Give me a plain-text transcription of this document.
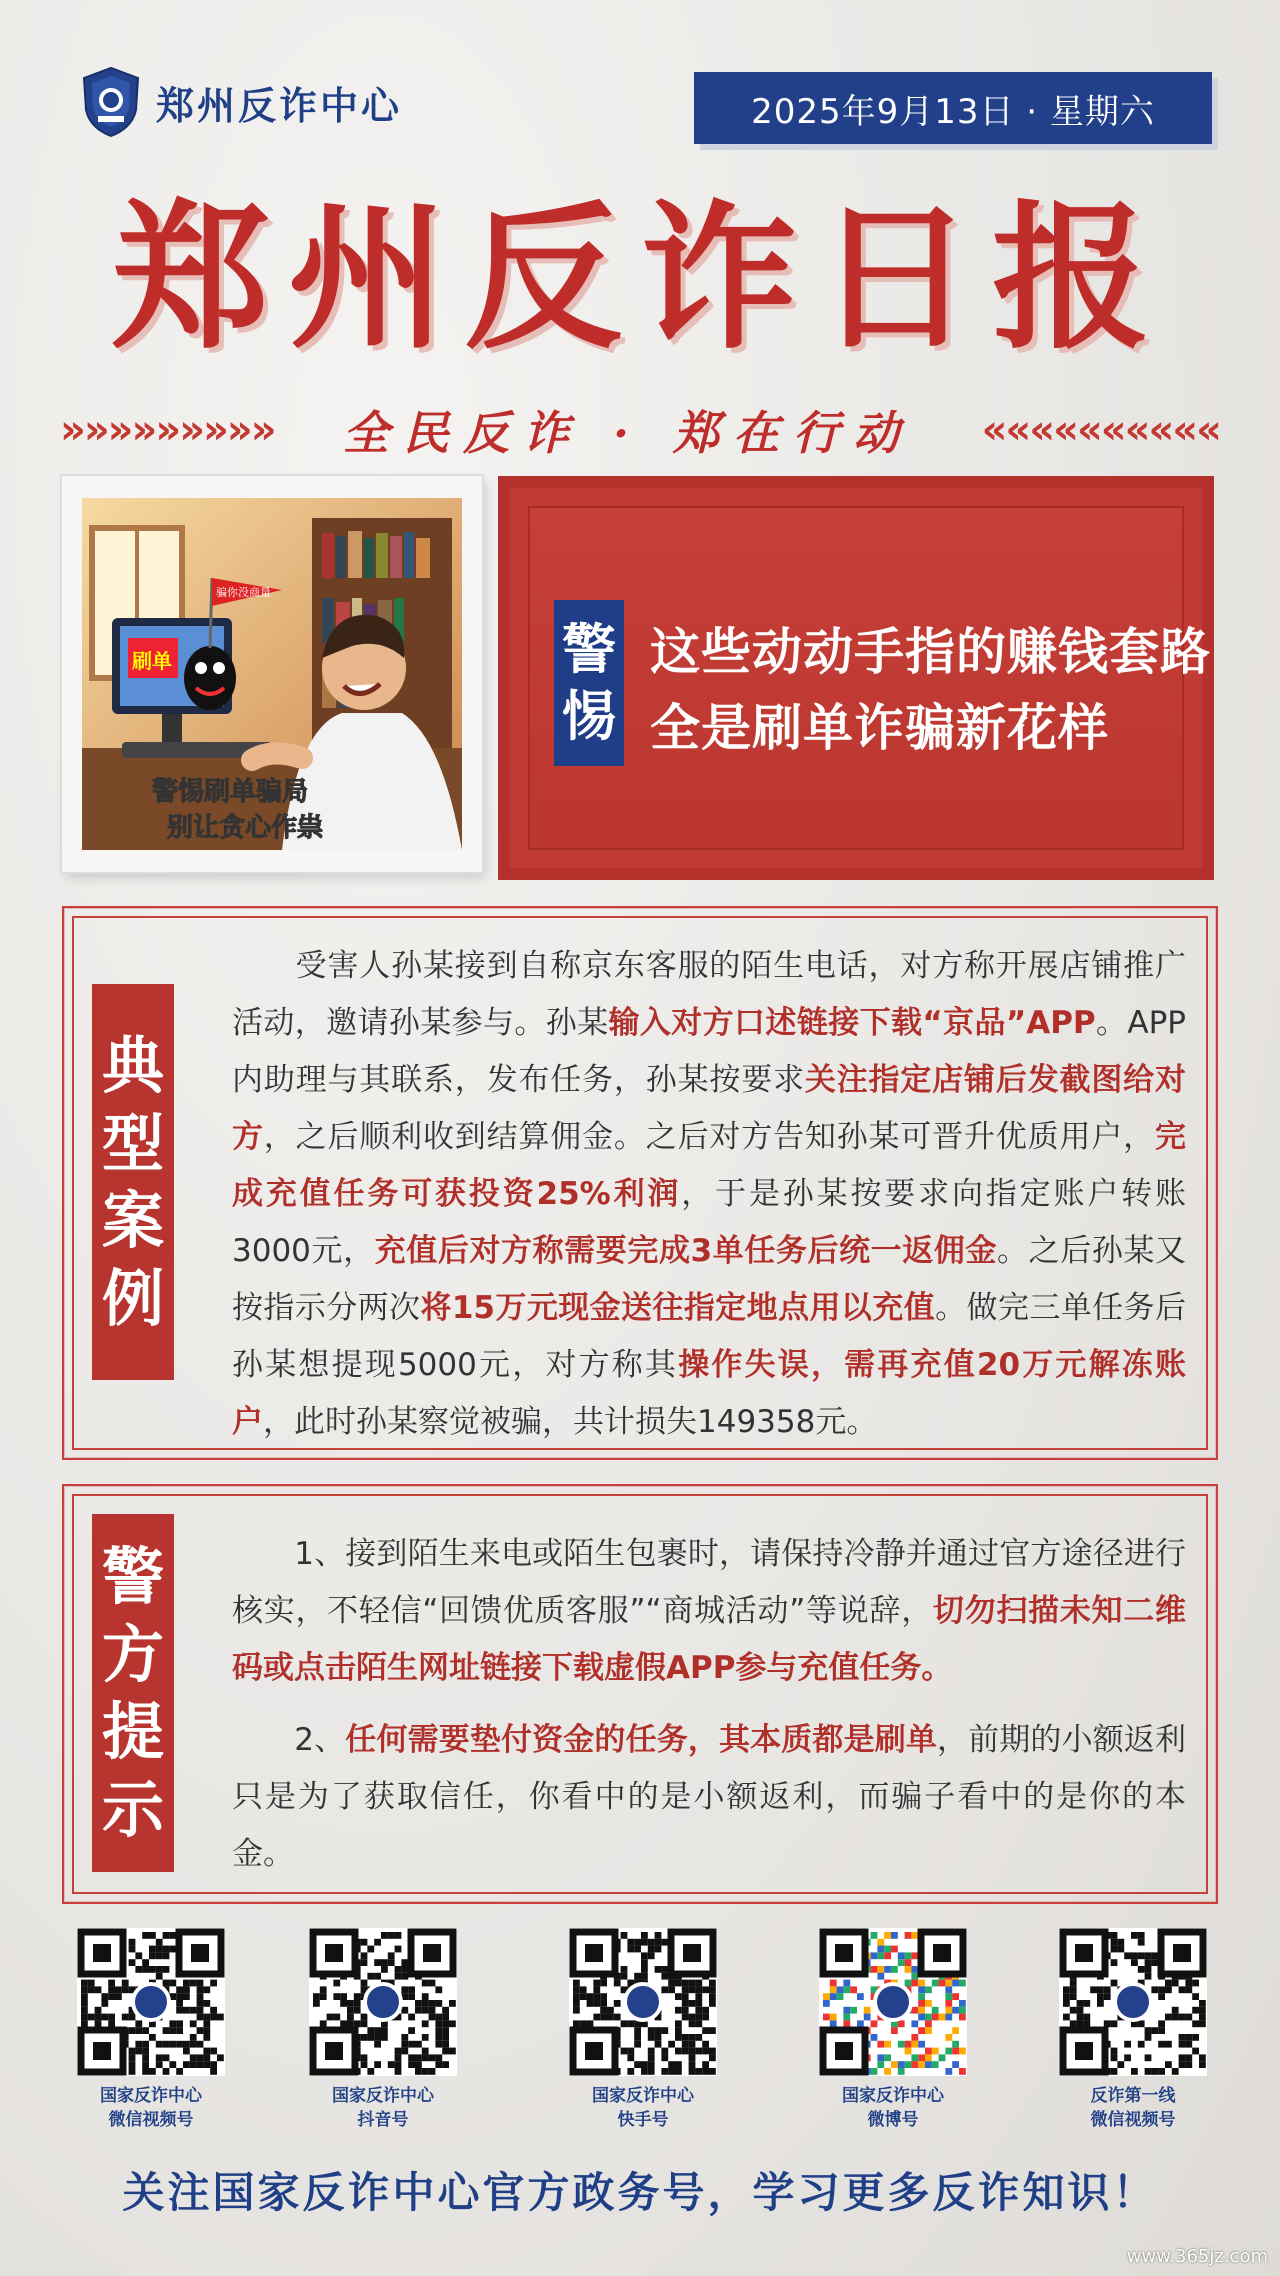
郑州反诈中心	2025年9月13日 · 星期六
郑州反诈日报
»»»»»»»»» 全民反诈 · 郑在行动 ««««««««««
刷单
骗你没商量
警惕刷单骗局
别让贪心作祟
警
惕
这些动动手指的赚钱套路
全是刷单诈骗新花样
典
型
案
例
　　受害人孙某接到自称京东客服的陌生电话，对方称开展店铺推广活动，邀请孙某参与。孙某输入对方口述链接下载“京品”APP。APP内助理与其联系，发布任务，孙某按要求关注指定店铺后发截图给对方，之后顺利收到结算佣金。之后对方告知孙某可晋升优质用户，完成充值任务可获投资25%利润，于是孙某按要求向指定账户转账3000元，充值后对方称需要完成3单任务后统一返佣金。之后孙某又按指示分两次将15万元现金送往指定地点用以充值。做完三单任务后孙某想提现5000元，对方称其操作失误，需再充值20万元解冻账户，此时孙某察觉被骗，共计损失149358元。
警
方
提
示
　　1、接到陌生来电或陌生包裹时，请保持冷静并通过官方途径进行核实，不轻信“回馈优质客服”“商城活动”等说辞，切勿扫描未知二维码或点击陌生网址链接下载虚假APP参与充值任务。
　　2、任何需要垫付资金的任务，其本质都是刷单，前期的小额返利只是为了获取信任，你看中的是小额返利，而骗子看中的是你的本金。
国家反诈中心
微信视频号
国家反诈中心
抖音号
国家反诈中心
快手号
国家反诈中心
微博号
反诈第一线
微信视频号
关注国家反诈中心官方政务号，学习更多反诈知识！
www.365jz.com
